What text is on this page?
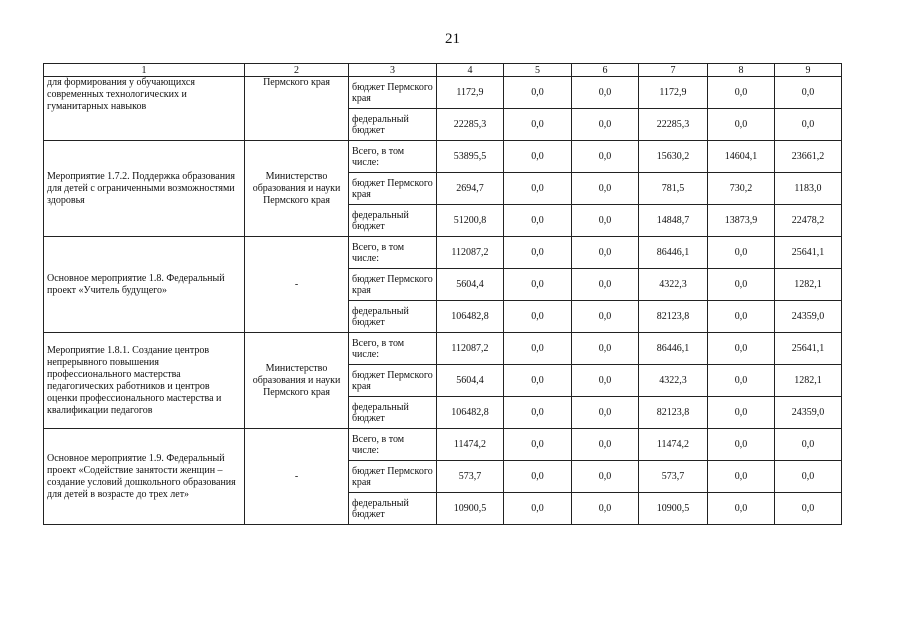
21
1	2	3	4	5	6	7	8	9
для формирования у обучающихся современных технологических и гуманитарных навыков	Пермского края	бюджет Пермского края	1172,9	0,0	0,0	1172,9	0,0	0,0
		федеральный бюджет	22285,3	0,0	0,0	22285,3	0,0	0,0
Мероприятие 1.7.2. Поддержка образования для детей с ограниченными возможностями здоровья	Министерство образования и науки Пермского края	Всего, в том числе:	53895,5	0,0	0,0	15630,2	14604,1	23661,2
		бюджет Пермского края	2694,7	0,0	0,0	781,5	730,2	1183,0
		федеральный бюджет	51200,8	0,0	0,0	14848,7	13873,9	22478,2
Основное мероприятие 1.8. Федеральный проект «Учитель будущего»	-	Всего, в том числе:	112087,2	0,0	0,0	86446,1	0,0	25641,1
		бюджет Пермского края	5604,4	0,0	0,0	4322,3	0,0	1282,1
		федеральный бюджет	106482,8	0,0	0,0	82123,8	0,0	24359,0
Мероприятие 1.8.1. Создание центров непрерывного повышения профессионального мастерства педагогических работников и центров оценки профессионального мастерства и квалификации педагогов	Министерство образования и науки Пермского края	Всего, в том числе:	112087,2	0,0	0,0	86446,1	0,0	25641,1
		бюджет Пермского края	5604,4	0,0	0,0	4322,3	0,0	1282,1
		федеральный бюджет	106482,8	0,0	0,0	82123,8	0,0	24359,0
Основное мероприятие 1.9. Федеральный проект «Содействие занятости женщин – создание условий дошкольного образования для детей в возрасте до трех лет»	-	Всего, в том числе:	11474,2	0,0	0,0	11474,2	0,0	0,0
		бюджет Пермского края	573,7	0,0	0,0	573,7	0,0	0,0
		федеральный бюджет	10900,5	0,0	0,0	10900,5	0,0	0,0
